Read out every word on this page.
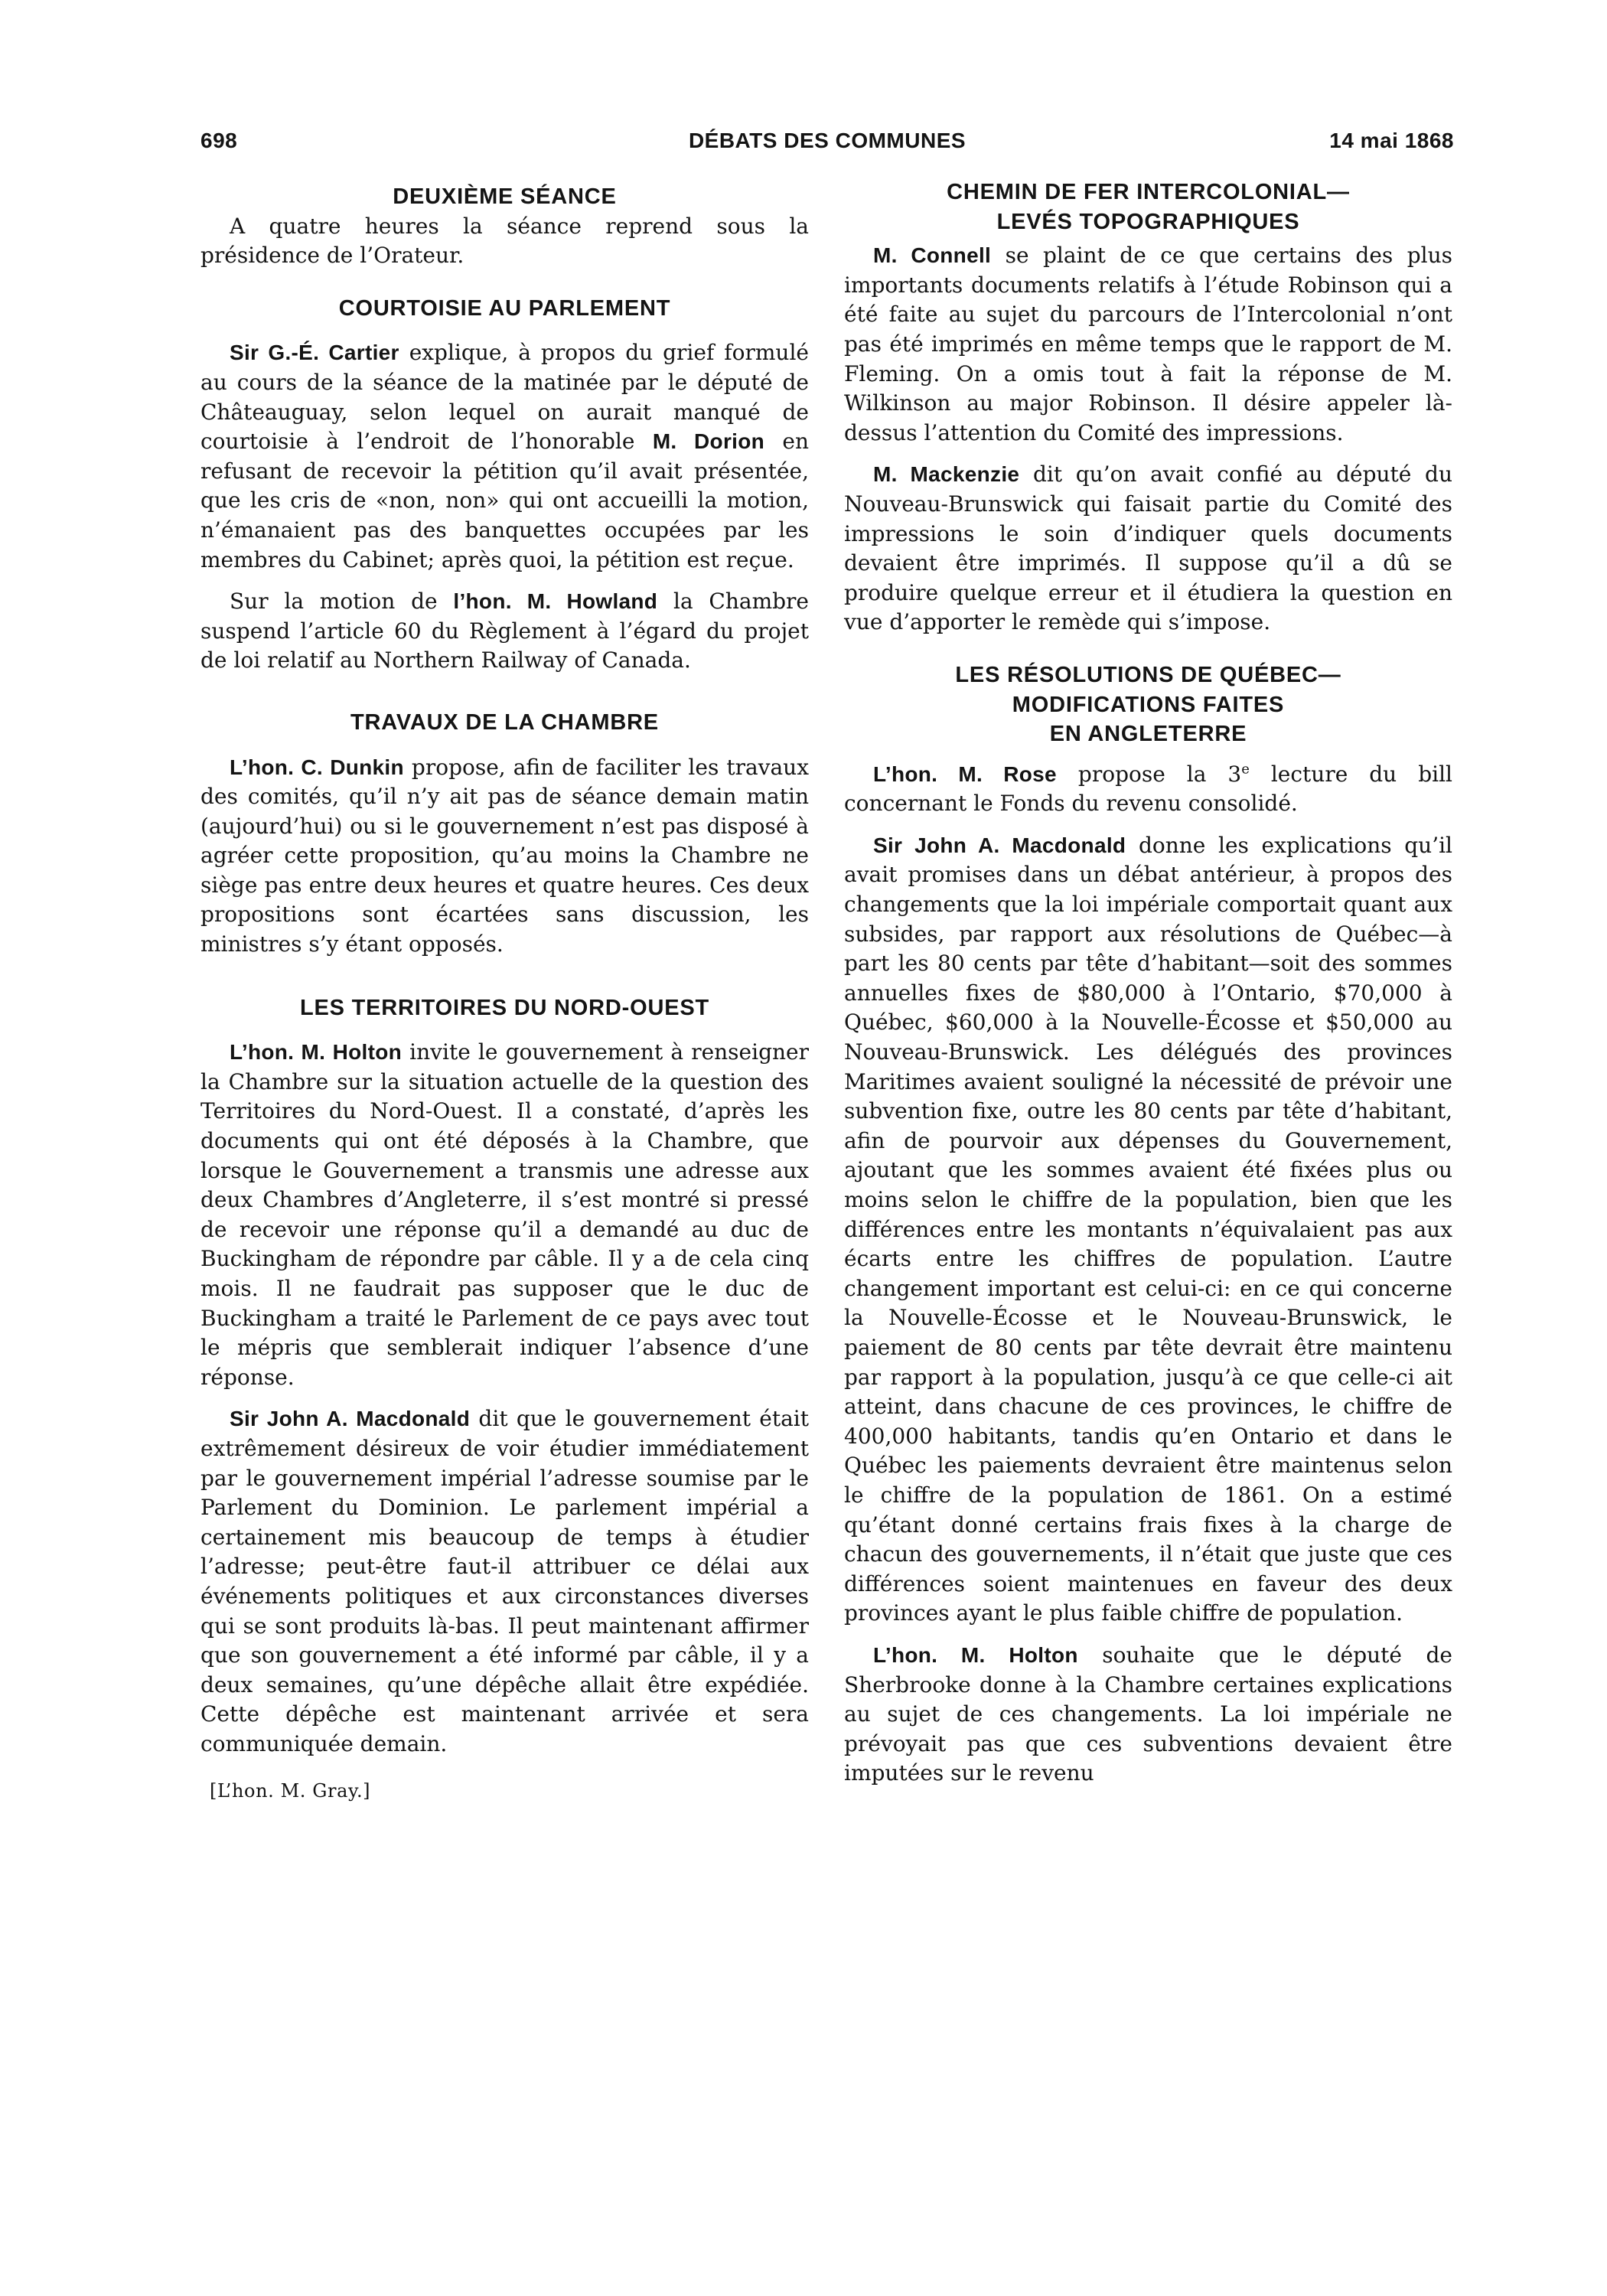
698	DÉBATS DES COMMUNES	14 mai 1868
DEUXIÈME SÉANCE

A quatre heures la séance reprend sous la présidence de l’Orateur.

COURTOISIE AU PARLEMENT

Sir G.-É. Cartier explique, à propos du grief formulé au cours de la séance de la matinée par le député de Châteauguay, selon lequel on aurait manqué de courtoisie à l’endroit de l’honorable M. Dorion en refusant de recevoir la pétition qu’il avait présentée, que les cris de «non, non» qui ont accueilli la motion, n’émanaient pas des banquettes occupées par les membres du Cabinet; après quoi, la pétition est reçue.

Sur la motion de l’hon. M. Howland la Chambre suspend l’article 60 du Règlement à l’égard du projet de loi relatif au Northern Railway of Canada.

TRAVAUX DE LA CHAMBRE

L’hon. C. Dunkin propose, afin de faciliter les travaux des comités, qu’il n’y ait pas de séance demain matin (aujourd’hui) ou si le gouvernement n’est pas disposé à agréer cette proposition, qu’au moins la Chambre ne siège pas entre deux heures et quatre heures. Ces deux propositions sont écartées sans discussion, les ministres s’y étant opposés.

LES TERRITOIRES DU NORD-OUEST

L’hon. M. Holton invite le gouvernement à renseigner la Chambre sur la situation actuelle de la question des Territoires du Nord-Ouest. Il a constaté, d’après les documents qui ont été déposés à la Chambre, que lorsque le Gouvernement a transmis une adresse aux deux Chambres d’Angleterre, il s’est montré si pressé de recevoir une réponse qu’il a demandé au duc de Buckingham de répondre par câble. Il y a de cela cinq mois. Il ne faudrait pas supposer que le duc de Buckingham a traité le Parlement de ce pays avec tout le mépris que semblerait indiquer l’absence d’une réponse.

Sir John A. Macdonald dit que le gouvernement était extrêmement désireux de voir étudier immédiatement par le gouvernement impérial l’adresse soumise par le Parlement du Dominion. Le parlement impérial a certainement mis beaucoup de temps à étudier l’adresse; peut-être faut-il attribuer ce délai aux événements politiques et aux circonstances diverses qui se sont produits là-bas. Il peut maintenant affirmer que son gouvernement a été informé par câble, il y a deux semaines, qu’une dépêche allait être expédiée. Cette dépêche est maintenant arrivée et sera communiquée demain.

[L’hon. M. Gray.]

CHEMIN DE FER INTERCOLONIAL—
LEVÉS TOPOGRAPHIQUES

M. Connell se plaint de ce que certains des plus importants documents relatifs à l’étude Robinson qui a été faite au sujet du parcours de l’Intercolonial n’ont pas été imprimés en même temps que le rapport de M. Fleming. On a omis tout à fait la réponse de M. Wilkinson au major Robinson. Il désire appeler là-dessus l’attention du Comité des impressions.

M. Mackenzie dit qu’on avait confié au député du Nouveau-Brunswick qui faisait partie du Comité des impressions le soin d’indiquer quels documents devaient être imprimés. Il suppose qu’il a dû se produire quelque erreur et il étudiera la question en vue d’apporter le remède qui s’impose.

LES RÉSOLUTIONS DE QUÉBEC—
MODIFICATIONS FAITES
EN ANGLETERRE

L’hon. M. Rose propose la 3e lecture du bill concernant le Fonds du revenu consolidé.

Sir John A. Macdonald donne les explications qu’il avait promises dans un débat antérieur, à propos des changements que la loi impériale comportait quant aux subsides, par rapport aux résolutions de Québec—à part les 80 cents par tête d’habitant—soit des sommes annuelles fixes de $80,000 à l’Ontario, $70,000 à Québec, $60,000 à la Nouvelle-Écosse et $50,000 au Nouveau-Brunswick. Les délégués des provinces Maritimes avaient souligné la nécessité de prévoir une subvention fixe, outre les 80 cents par tête d’habitant, afin de pourvoir aux dépenses du Gouvernement, ajoutant que les sommes avaient été fixées plus ou moins selon le chiffre de la population, bien que les différences entre les montants n’équivalaient pas aux écarts entre les chiffres de population. L’autre changement important est celui-ci: en ce qui concerne la Nouvelle-Écosse et le Nouveau-Brunswick, le paiement de 80 cents par tête devrait être maintenu par rapport à la population, jusqu’à ce que celle-ci ait atteint, dans chacune de ces provinces, le chiffre de 400,000 habitants, tandis qu’en Ontario et dans le Québec les paiements devraient être maintenus selon le chiffre de la population de 1861. On a estimé qu’étant donné certains frais fixes à la charge de chacun des gouvernements, il n’était que juste que ces différences soient maintenues en faveur des deux provinces ayant le plus faible chiffre de population.

L’hon. M. Holton souhaite que le député de Sherbrooke donne à la Chambre certaines explications au sujet de ces changements. La loi impériale ne prévoyait pas que ces subventions devaient être imputées sur le revenu
